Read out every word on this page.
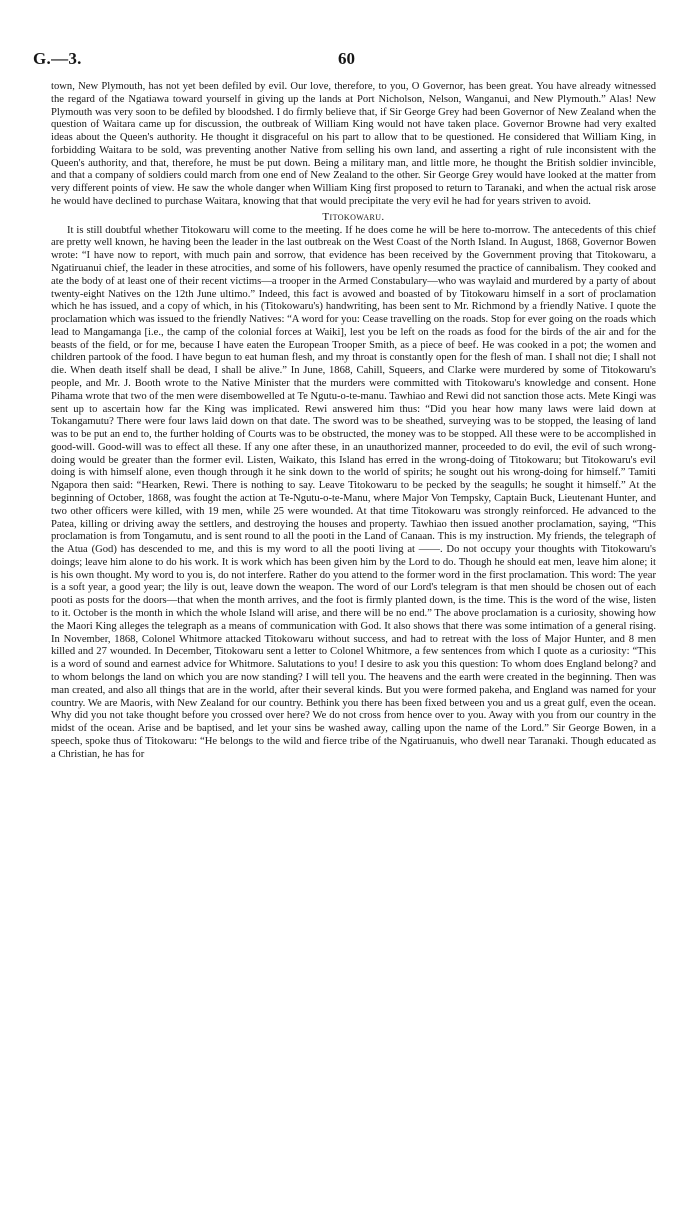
G.—3.	60

town, New Plymouth, has not yet been defiled by evil. Our love, therefore, to you, O Governor, has been great. You have already witnessed the regard of the Ngatiawa toward yourself in giving up the lands at Port Nicholson, Nelson, Wanganui, and New Plymouth.” Alas! New Plymouth was very soon to be defiled by bloodshed. I do firmly believe that, if Sir George Grey had been Governor of New Zealand when the question of Waitara came up for discussion, the outbreak of William King would not have taken place. Governor Browne had very exalted ideas about the Queen's authority. He thought it disgraceful on his part to allow that to be questioned. He considered that William King, in forbidding Waitara to be sold, was preventing another Native from selling his own land, and asserting a right of rule inconsistent with the Queen's authority, and that, therefore, he must be put down. Being a military man, and little more, he thought the British soldier invincible, and that a company of soldiers could march from one end of New Zealand to the other. Sir George Grey would have looked at the matter from very different points of view. He saw the whole danger when William King first proposed to return to Taranaki, and when the actual risk arose he would have declined to purchase Waitara, knowing that that would precipitate the very evil he had for years striven to avoid.

Titokowaru.

It is still doubtful whether Titokowaru will come to the meeting. If he does come he will be here to-morrow. The antecedents of this chief are pretty well known, he having been the leader in the last outbreak on the West Coast of the North Island. In August, 1868, Governor Bowen wrote: “I have now to report, with much pain and sorrow, that evidence has been received by the Government proving that Titokowaru, a Ngatiruanui chief, the leader in these atrocities, and some of his followers, have openly resumed the practice of cannibalism. They cooked and ate the body of at least one of their recent victims—a trooper in the Armed Constabulary—who was waylaid and murdered by a party of about twenty-eight Natives on the 12th June ultimo.” Indeed, this fact is avowed and boasted of by Titokowaru himself in a sort of proclamation which he has issued, and a copy of which, in his (Titokowaru's) handwriting, has been sent to Mr. Richmond by a friendly Native. I quote the proclamation which was issued to the friendly Natives: “A word for you: Cease travelling on the roads. Stop for ever going on the roads which lead to Mangamanga [i.e., the camp of the colonial forces at Waiki], lest you be left on the roads as food for the birds of the air and for the beasts of the field, or for me, because I have eaten the European Trooper Smith, as a piece of beef. He was cooked in a pot; the women and children partook of the food. I have begun to eat human flesh, and my throat is constantly open for the flesh of man. I shall not die; I shall not die. When death itself shall be dead, I shall be alive.” In June, 1868, Cahill, Squeers, and Clarke were murdered by some of Titokowaru's people, and Mr. J. Booth wrote to the Native Minister that the murders were committed with Titokowaru's knowledge and consent. Hone Pihama wrote that two of the men were disembowelled at Te Ngutu-o-te-manu. Tawhiao and Rewi did not sanction those acts. Mete Kingi was sent up to ascertain how far the King was implicated. Rewi answered him thus: “Did you hear how many laws were laid down at Tokangamutu? There were four laws laid down on that date. The sword was to be sheathed, surveying was to be stopped, the leasing of land was to be put an end to, the further holding of Courts was to be obstructed, the money was to be stopped. All these were to be accomplished in good-will. Good-will was to effect all these. If any one after these, in an unauthorized manner, proceeded to do evil, the evil of such wrong-doing would be greater than the former evil. Listen, Waikato, this Island has erred in the wrong-doing of Titokowaru; but Titokowaru's evil doing is with himself alone, even though through it he sink down to the world of spirits; he sought out his wrong-doing for himself.” Tamiti Ngapora then said: “Hearken, Rewi. There is nothing to say. Leave Titokowaru to be pecked by the seagulls; he sought it himself.” At the beginning of October, 1868, was fought the action at Te-Ngutu-o-te-Manu, where Major Von Tempsky, Captain Buck, Lieutenant Hunter, and two other officers were killed, with 19 men, while 25 were wounded. At that time Titokowaru was strongly reinforced. He advanced to the Patea, killing or driving away the settlers, and destroying the houses and property. Tawhiao then issued another proclamation, saying, “This proclamation is from Tongamutu, and is sent round to all the pooti in the Land of Canaan. This is my instruction. My friends, the telegraph of the Atua (God) has descended to me, and this is my word to all the pooti living at ——. Do not occupy your thoughts with Titokowaru's doings; leave him alone to do his work. It is work which has been given him by the Lord to do. Though he should eat men, leave him alone; it is his own thought. My word to you is, do not interfere. Rather do you attend to the former word in the first proclamation. This word: The year is a soft year, a good year; the lily is out, leave down the weapon. The word of our Lord's telegram is that men should be chosen out of each pooti as posts for the doors—that when the month arrives, and the foot is firmly planted down, is the time. This is the word of the wise, listen to it. October is the month in which the whole Island will arise, and there will be no end.” The above proclamation is a curiosity, showing how the Maori King alleges the telegraph as a means of communication with God. It also shows that there was some intimation of a general rising. In November, 1868, Colonel Whitmore attacked Titokowaru without success, and had to retreat with the loss of Major Hunter, and 8 men killed and 27 wounded. In December, Titokowaru sent a letter to Colonel Whitmore, a few sentences from which I quote as a curiosity: “This is a word of sound and earnest advice for Whitmore. Salutations to you! I desire to ask you this question: To whom does England belong? and to whom belongs the land on which you are now standing? I will tell you. The heavens and the earth were created in the beginning. Then was man created, and also all things that are in the world, after their several kinds. But you were formed pakeha, and England was named for your country. We are Maoris, with New Zealand for our country. Bethink you there has been fixed between you and us a great gulf, even the ocean. Why did you not take thought before you crossed over here? We do not cross from hence over to you. Away with you from our country in the midst of the ocean. Arise and be baptised, and let your sins be washed away, calling upon the name of the Lord.” Sir George Bowen, in a speech, spoke thus of Titokowaru: “He belongs to the wild and fierce tribe of the Ngatiruanuis, who dwell near Taranaki. Though educated as a Christian, he has for
